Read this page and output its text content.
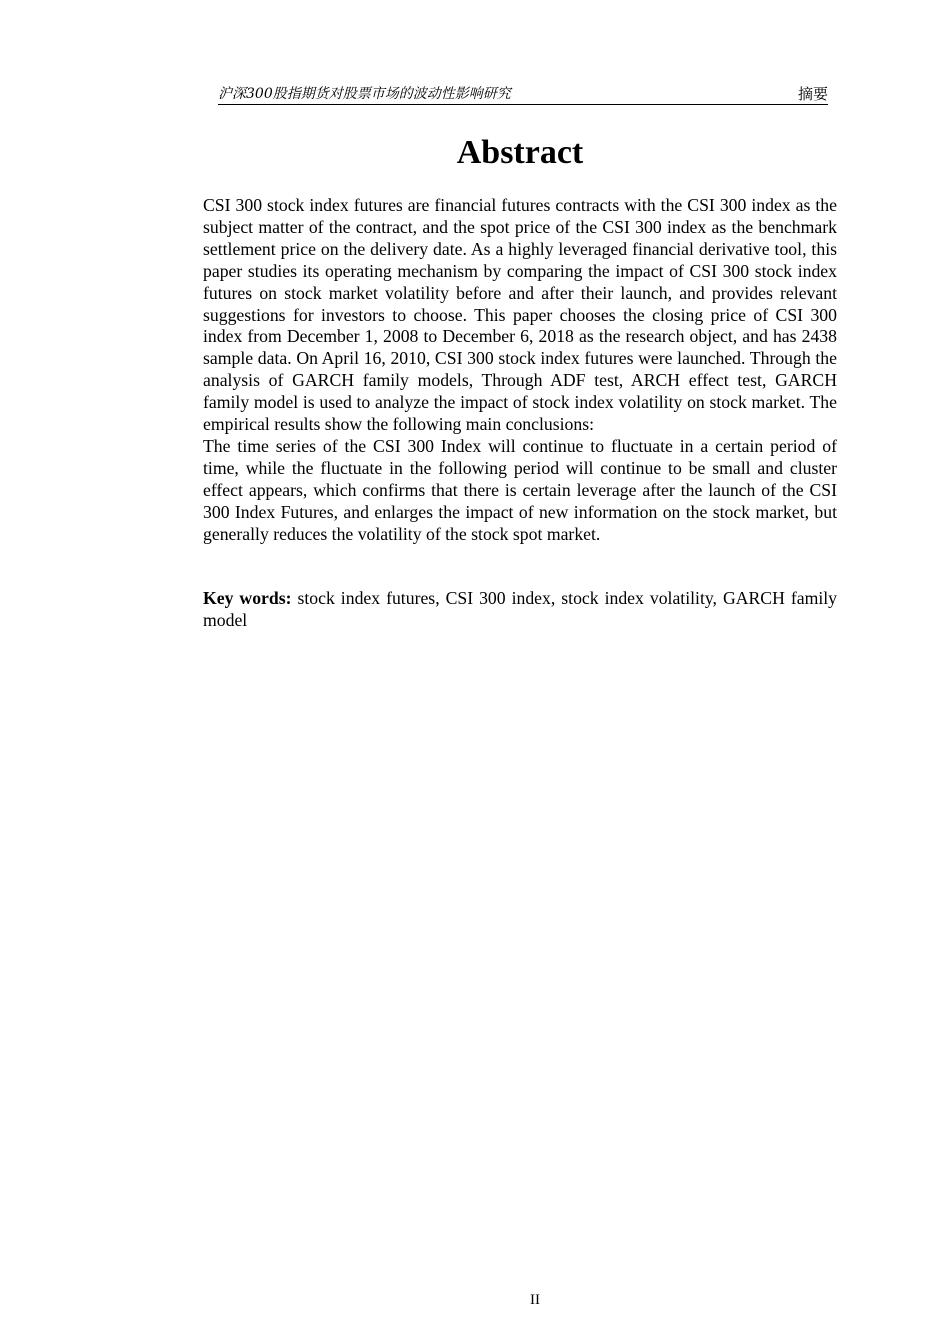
沪深300股指期货对股票市场的波动性影响研究	摘要
Abstract

CSI 300 stock index futures are financial futures contracts with the CSI 300 index as the subject matter of the contract, and the spot price of the CSI 300 index as the benchmark settlement price on the delivery date. As a highly leveraged financial derivative tool, this paper studies its operating mechanism by comparing the impact of CSI 300 stock index futures on stock market volatility before and after their launch, and provides relevant suggestions for investors to choose. This paper chooses the closing price of CSI 300 index from December 1, 2008 to December 6, 2018 as the research object, and has 2438 sample data. On April 16, 2010, CSI 300 stock index futures were launched. Through the analysis of GARCH family models, Through ADF test, ARCH effect test, GARCH family model is used to analyze the impact of stock index volatility on stock market. The empirical results show the following main conclusions:

The time series of the CSI 300 Index will continue to fluctuate in a certain period of time, while the fluctuate in the following period will continue to be small and cluster effect appears, which confirms that there is certain leverage after the launch of the CSI 300 Index Futures, and enlarges the impact of new information on the stock market, but generally reduces the volatility of the stock spot market.

Key words: stock index futures, CSI 300 index, stock index volatility, GARCH family model

II
